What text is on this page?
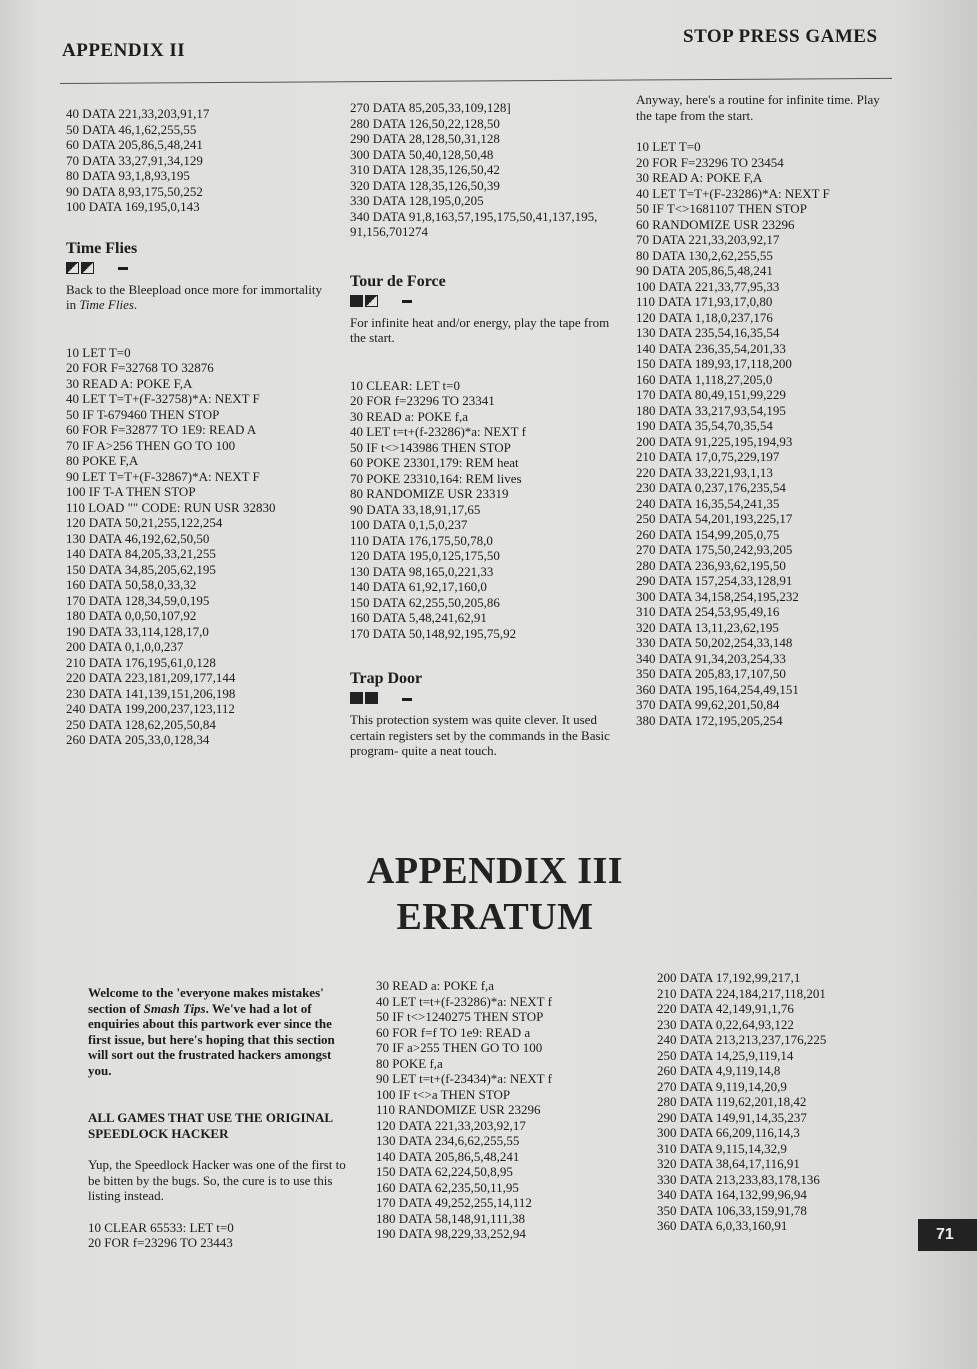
APPENDIX II
STOP PRESS GAMES
40 DATA 221,33,203,91,17
50 DATA 46,1,62,255,55
60 DATA 205,86,5,48,241
70 DATA 33,27,91,34,129
80 DATA 93,1,8,93,195
90 DATA 8,93,175,50,252
100 DATA 169,195,0,143
Time Flies
▬
Back to the Bleepload once more for immortality in Time Flies.
10 LET T=0
20 FOR F=32768 TO 32876
30 READ A: POKE F,A
40 LET T=T+(F-32758)*A: NEXT F
50 IF T-679460 THEN STOP
60 FOR F=32877 TO 1E9: READ A
70 IF A>256 THEN GO TO 100
80 POKE F,A
90 LET T=T+(F-32867)*A: NEXT F
100 IF T-A THEN STOP
110 LOAD "" CODE: RUN USR 32830
120 DATA 50,21,255,122,254
130 DATA 46,192,62,50,50
140 DATA 84,205,33,21,255
150 DATA 34,85,205,62,195
160 DATA 50,58,0,33,32
170 DATA 128,34,59,0,195
180 DATA 0,0,50,107,92
190 DATA 33,114,128,17,0
200 DATA 0,1,0,0,237
210 DATA 176,195,61,0,128
220 DATA 223,181,209,177,144
230 DATA 141,139,151,206,198
240 DATA 199,200,237,123,112
250 DATA 128,62,205,50,84
260 DATA 205,33,0,128,34
270 DATA 85,205,33,109,128]
280 DATA 126,50,22,128,50
290 DATA 28,128,50,31,128
300 DATA 50,40,128,50,48
310 DATA 128,35,126,50,42
320 DATA 128,35,126,50,39
330 DATA 128,195,0,205
340 DATA 91,8,163,57,195,175,50,41,137,195,
91,156,701274
Tour de Force
▬
For infinite heat and/or energy, play the tape from the start.
10 CLEAR: LET t=0
20 FOR f=23296 TO 23341
30 READ a: POKE f,a
40 LET t=t+(f-23286)*a: NEXT f
50 IF t<>143986 THEN STOP
60 POKE 23301,179: REM heat
70 POKE 23310,164: REM lives
80 RANDOMIZE USR 23319
90 DATA 33,18,91,17,65
100 DATA 0,1,5,0,237
110 DATA 176,175,50,78,0
120 DATA 195,0,125,175,50
130 DATA 98,165,0,221,33
140 DATA 61,92,17,160,0
150 DATA 62,255,50,205,86
160 DATA 5,48,241,62,91
170 DATA 50,148,92,195,75,92
Trap Door
▬
This protection system was quite clever. It used certain registers set by the commands in the Basic program- quite a neat touch.
Anyway, here's a routine for infinite time. Play the tape from the start.
10 LET T=0
20 FOR F=23296 TO 23454
30 READ A: POKE F,A
40 LET T=T+(F-23286)*A: NEXT F
50 IF T<>1681107 THEN STOP
60 RANDOMIZE USR 23296
70 DATA 221,33,203,92,17
80 DATA 130,2,62,255,55
90 DATA 205,86,5,48,241
100 DATA 221,33,77,95,33
110 DATA 171,93,17,0,80
120 DATA 1,18,0,237,176
130 DATA 235,54,16,35,54
140 DATA 236,35,54,201,33
150 DATA 189,93,17,118,200
160 DATA 1,118,27,205,0
170 DATA 80,49,151,99,229
180 DATA 33,217,93,54,195
190 DATA 35,54,70,35,54
200 DATA 91,225,195,194,93
210 DATA 17,0,75,229,197
220 DATA 33,221,93,1,13
230 DATA 0,237,176,235,54
240 DATA 16,35,54,241,35
250 DATA 54,201,193,225,17
260 DATA 154,99,205,0,75
270 DATA 175,50,242,93,205
280 DATA 236,93,62,195,50
290 DATA 157,254,33,128,91
300 DATA 34,158,254,195,232
310 DATA 254,53,95,49,16
320 DATA 13,11,23,62,195
330 DATA 50,202,254,33,148
340 DATA 91,34,203,254,33
350 DATA 205,83,17,107,50
360 DATA 195,164,254,49,151
370 DATA 99,62,201,50,84
380 DATA 172,195,205,254
APPENDIX III
ERRATUM
Welcome to the 'everyone makes mistakes' section of Smash Tips. We've had a lot of enquiries about this partwork ever since the first issue, but here's hoping that this section will sort out the frustrated hackers amongst you.
ALL GAMES THAT USE THE ORIGINAL SPEEDLOCK HACKER
Yup, the Speedlock Hacker was one of the first to be bitten by the bugs. So, the cure is to use this listing instead.
10 CLEAR 65533: LET t=0
20 FOR f=23296 TO 23443
30 READ a: POKE f,a
40 LET t=t+(f-23286)*a: NEXT f
50 IF t<>1240275 THEN STOP
60 FOR f=f TO 1e9: READ a
70 IF a>255 THEN GO TO 100
80 POKE f,a
90 LET t=t+(f-23434)*a: NEXT f
100 IF t<>a THEN STOP
110 RANDOMIZE USR 23296
120 DATA 221,33,203,92,17
130 DATA 234,6,62,255,55
140 DATA 205,86,5,48,241
150 DATA 62,224,50,8,95
160 DATA 62,235,50,11,95
170 DATA 49,252,255,14,112
180 DATA 58,148,91,111,38
190 DATA 98,229,33,252,94
200 DATA 17,192,99,217,1
210 DATA 224,184,217,118,201
220 DATA 42,149,91,1,76
230 DATA 0,22,64,93,122
240 DATA 213,213,237,176,225
250 DATA 14,25,9,119,14
260 DATA 4,9,119,14,8
270 DATA 9,119,14,20,9
280 DATA 119,62,201,18,42
290 DATA 149,91,14,35,237
300 DATA 66,209,116,14,3
310 DATA 9,115,14,32,9
320 DATA 38,64,17,116,91
330 DATA 213,233,83,178,136
340 DATA 164,132,99,96,94
350 DATA 106,33,159,91,78
360 DATA 6,0,33,160,91
71
